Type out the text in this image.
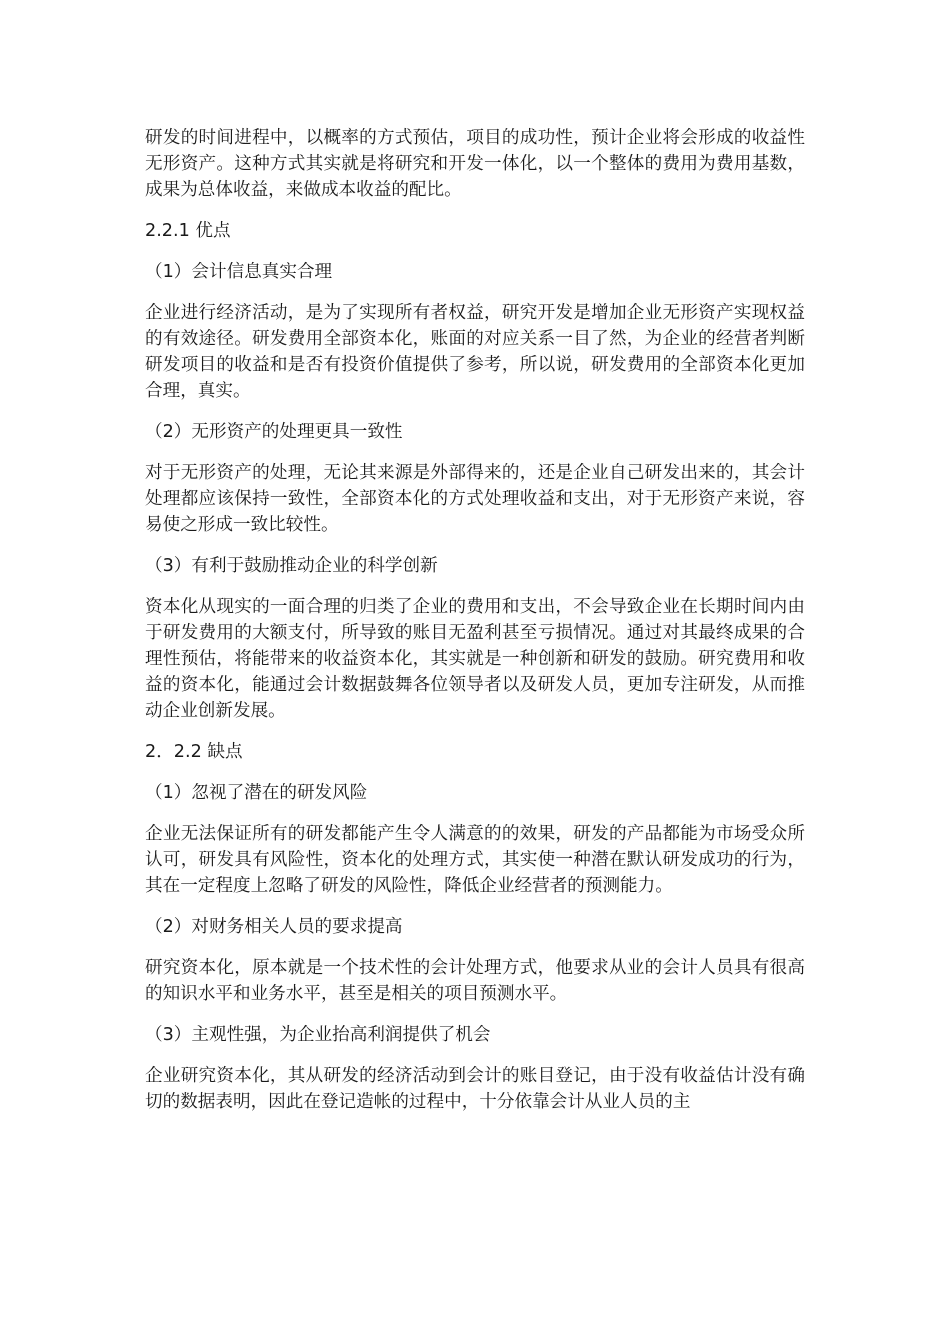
研发的时间进程中，以概率的方式预估，项目的成功性，预计企业将会形成的收益性无形资产。这种方式其实就是将研究和开发一体化，以一个整体的费用为费用基数，成果为总体收益，来做成本收益的配比。

2.2.1 优点

（1）会计信息真实合理

企业进行经济活动，是为了实现所有者权益，研究开发是增加企业无形资产实现权益的有效途径。研发费用全部资本化，账面的对应关系一目了然，为企业的经营者判断研发项目的收益和是否有投资价值提供了参考，所以说，研发费用的全部资本化更加合理，真实。

（2）无形资产的处理更具一致性

对于无形资产的处理，无论其来源是外部得来的，还是企业自己研发出来的，其会计处理都应该保持一致性，全部资本化的方式处理收益和支出，对于无形资产来说，容易使之形成一致比较性。

（3）有利于鼓励推动企业的科学创新

资本化从现实的一面合理的归类了企业的费用和支出，不会导致企业在长期时间内由于研发费用的大额支付，所导致的账目无盈利甚至亏损情况。通过对其最终成果的合理性预估，将能带来的收益资本化，其实就是一种创新和研发的鼓励。研究费用和收益的资本化，能通过会计数据鼓舞各位领导者以及研发人员，更加专注研发，从而推动企业创新发展。

2．2.2 缺点

（1）忽视了潜在的研发风险

企业无法保证所有的研发都能产生令人满意的的效果，研发的产品都能为市场受众所认可，研发具有风险性，资本化的处理方式，其实使一种潜在默认研发成功的行为，其在一定程度上忽略了研发的风险性，降低企业经营者的预测能力。

（2）对财务相关人员的要求提高

研究资本化，原本就是一个技术性的会计处理方式，他要求从业的会计人员具有很高的知识水平和业务水平，甚至是相关的项目预测水平。

（3）主观性强，为企业抬高利润提供了机会

企业研究资本化，其从研发的经济活动到会计的账目登记，由于没有收益估计没有确切的数据表明，因此在登记造帐的过程中，十分依靠会计从业人员的主
